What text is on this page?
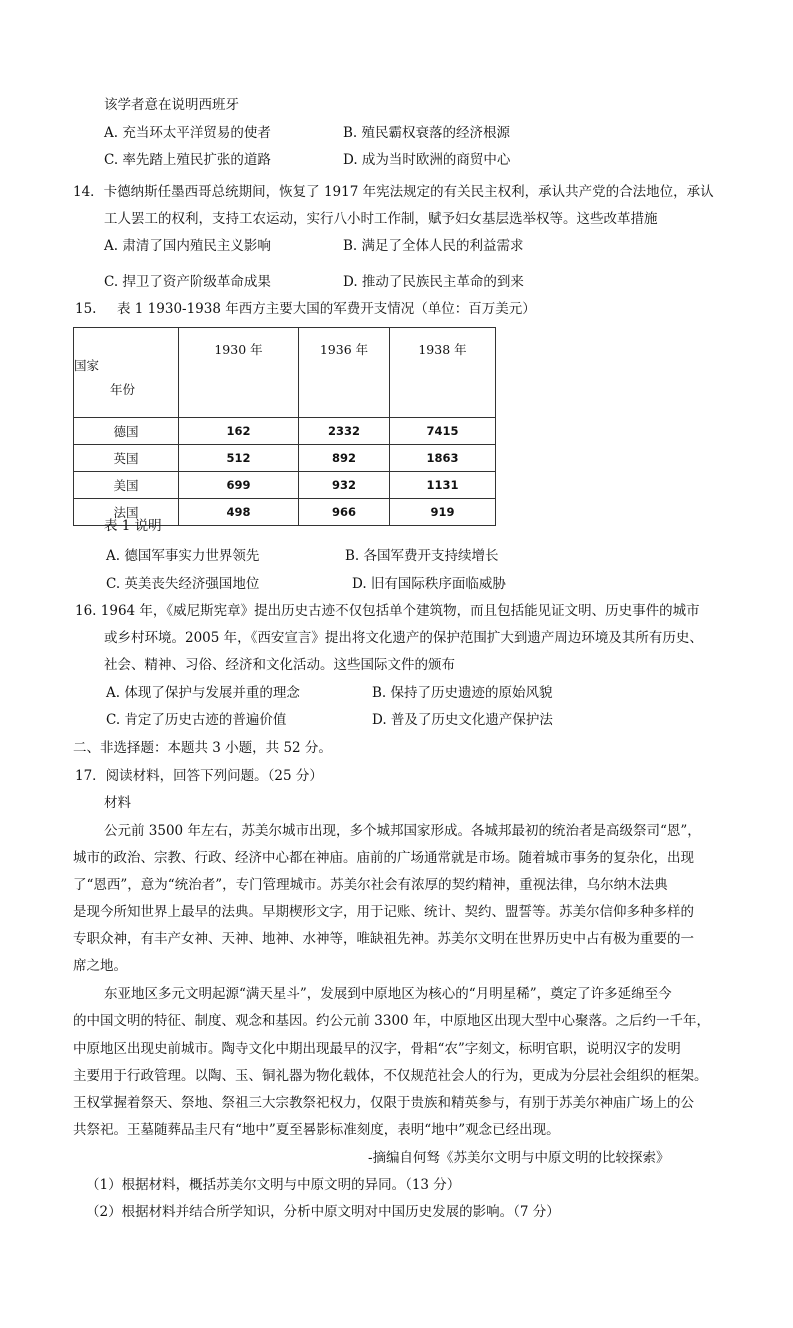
该学者意在说明西班牙
A. 充当环太平洋贸易的使者	B. 殖民霸权衰落的经济根源
C. 率先踏上殖民扩张的道路	D. 成为当时欧洲的商贸中心
14．卡德纳斯任墨西哥总统期间，恢复了 1917 年宪法规定的有关民主权利，承认共产党的合法地位，承认
工人罢工的权利，支持工农运动，实行八小时工作制，赋予妇女基层选举权等。这些改革措施
A. 肃清了国内殖民主义影响	B. 满足了全体人民的利益需求
C. 捍卫了资产阶级革命成果	D. 推动了民族民主革命的到来
15. 表 1 1930-1938 年西方主要大国的军费开支情况（单位：百万美元）
国家
年份	1930 年	1936 年	1938 年
德国	162	2332	7415
英国	512	892	1863
美国	699	932	1131
法国	498	966	919
表 1 说明
A. 德国军事实力世界领先	B. 各国军费开支持续增长
C. 英美丧失经济强国地位	D. 旧有国际秩序面临威胁
16. 1964 年，《威尼斯宪章》提出历史古迹不仅包括单个建筑物，而且包括能见证文明、历史事件的城市
或乡村环境。2005 年，《西安宣言》提出将文化遗产的保护范围扩大到遗产周边环境及其所有历史、
社会、精神、习俗、经济和文化活动。这些国际文件的颁布
A. 体现了保护与发展并重的理念	B. 保持了历史遗迹的原始风貌
C. 肯定了历史古迹的普遍价值	D. 普及了历史文化遗产保护法
二、非选择题：本题共 3 小题，共 52 分。
17．阅读材料，回答下列问题。（25 分）
材料
公元前 3500 年左右，苏美尔城市出现，多个城邦国家形成。各城邦最初的统治者是高级祭司“恩”，
城市的政治、宗教、行政、经济中心都在神庙。庙前的广场通常就是市场。随着城市事务的复杂化，出现
了“恩西”，意为“统治者”，专门管理城市。苏美尔社会有浓厚的契约精神，重视法律，乌尔纳木法典
是现今所知世界上最早的法典。早期楔形文字，用于记账、统计、契约、盟誓等。苏美尔信仰多种多样的
专职众神，有丰产女神、天神、地神、水神等，唯缺祖先神。苏美尔文明在世界历史中占有极为重要的一
席之地。
东亚地区多元文明起源“满天星斗”，发展到中原地区为核心的“月明星稀”，奠定了许多延绵至今
的中国文明的特征、制度、观念和基因。约公元前 3300 年，中原地区出现大型中心聚落。之后约一千年，
中原地区出现史前城市。陶寺文化中期出现最早的汉字，骨耜“农”字刻文，标明官职，说明汉字的发明
主要用于行政管理。以陶、玉、铜礼器为物化载体，不仅规范社会人的行为，更成为分层社会组织的框架。
王权掌握着祭天、祭地、祭祖三大宗教祭祀权力，仅限于贵族和精英参与，有别于苏美尔神庙广场上的公
共祭祀。王墓随葬品圭尺有“地中”夏至晷影标准刻度，表明“地中”观念已经出现。
-摘编自何驽《苏美尔文明与中原文明的比较探索》
（1）根据材料，概括苏美尔文明与中原文明的异同。（13 分）
（2）根据材料并结合所学知识，分析中原文明对中国历史发展的影响。（7 分）
